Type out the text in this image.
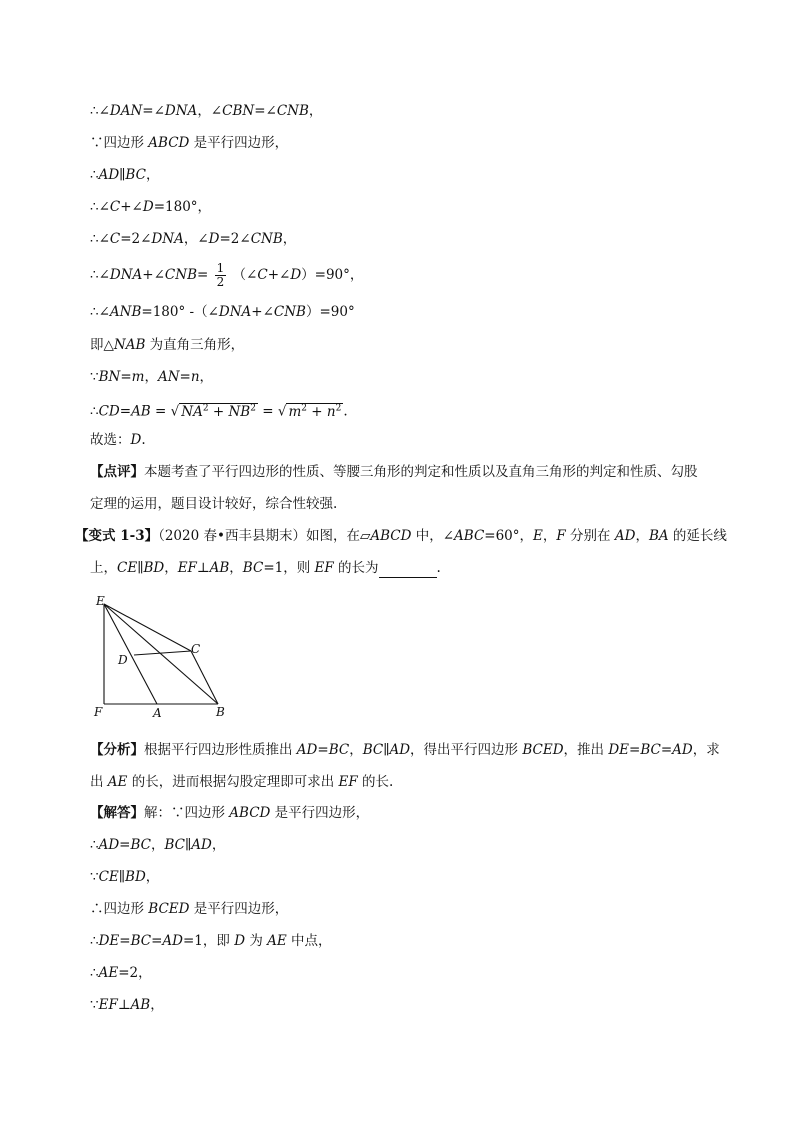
∴∠DAN=∠DNA，∠CBN=∠CNB，
∵四边形 ABCD 是平行四边形，
∴AD∥BC，
∴∠C+∠D=180°，
∴∠C=2∠DNA，∠D=2∠CNB，
∴∠DNA+∠CNB= $\frac{1}{2}$ （∠C+∠D）=90°，
∴∠ANB=180° -（∠DNA+∠CNB）=90°
即△NAB 为直角三角形，
∵BN=m，AN=n，
∴CD=AB = √ $NA^2 + NB^2$ = √ $m^2 + n^2$ .
故选：D.
【点评】本题考查了平行四边形的性质、等腰三角形的判定和性质以及直角三角形的判定和性质、勾股
定理的运用，题目设计较好，综合性较强.
【变式 1-3】（2020 春•西丰县期末）如图，在▱ABCD 中，∠ABC=60°，E，F 分别在 AD，BA 的延长线
上，CE∥BD，EF⊥AB，BC=1，则 EF 的长为	.
E
C
D
F	A	B
【分析】根据平行四边形性质推出 AD=BC，BC∥AD，得出平行四边形 BCED，推出 DE=BC=AD，求
出 AE 的长，进而根据勾股定理即可求出 EF 的长.
【解答】解：∵四边形 ABCD 是平行四边形，
∴AD=BC，BC∥AD，
∵CE∥BD，
∴四边形 BCED 是平行四边形，
∴DE=BC=AD=1，即 D 为 AE 中点，
∴AE=2，
∵EF⊥AB，
